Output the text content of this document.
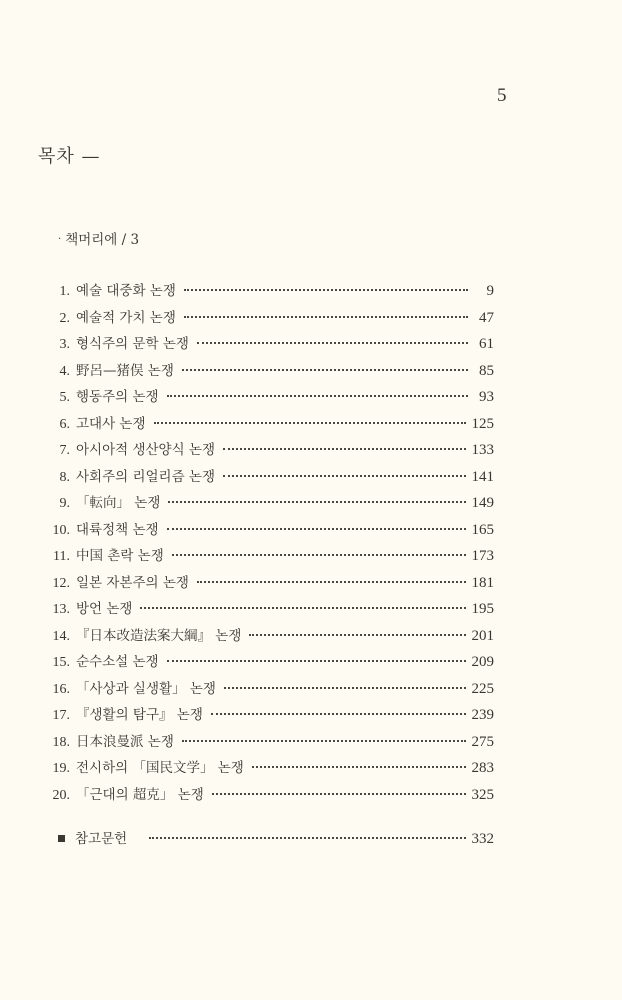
5
목차 —
· 책머리에 / 3
1. 예술 대중화 논쟁	9
2. 예술적 가치 논쟁	47
3. 형식주의 문학 논쟁	61
4. 野呂—猪俣 논쟁	85
5. 행동주의 논쟁	93
6. 고대사 논쟁	125
7. 아시아적 생산양식 논쟁	133
8. 사회주의 리얼리즘 논쟁	141
9. 「転向」 논쟁	149
10. 대륙정책 논쟁	165
11. 中国 촌락 논쟁	173
12. 일본 자본주의 논쟁	181
13. 방언 논쟁	195
14. 『日本改造法案大綱』 논쟁	201
15. 순수소설 논쟁	209
16. 「사상과 실생활」 논쟁	225
17. 『생활의 탐구』 논쟁	239
18. 日本浪曼派 논쟁	275
19. 전시하의 「国民文学」 논쟁	283
20. 「근대의 超克」 논쟁	325
참고문헌	332
